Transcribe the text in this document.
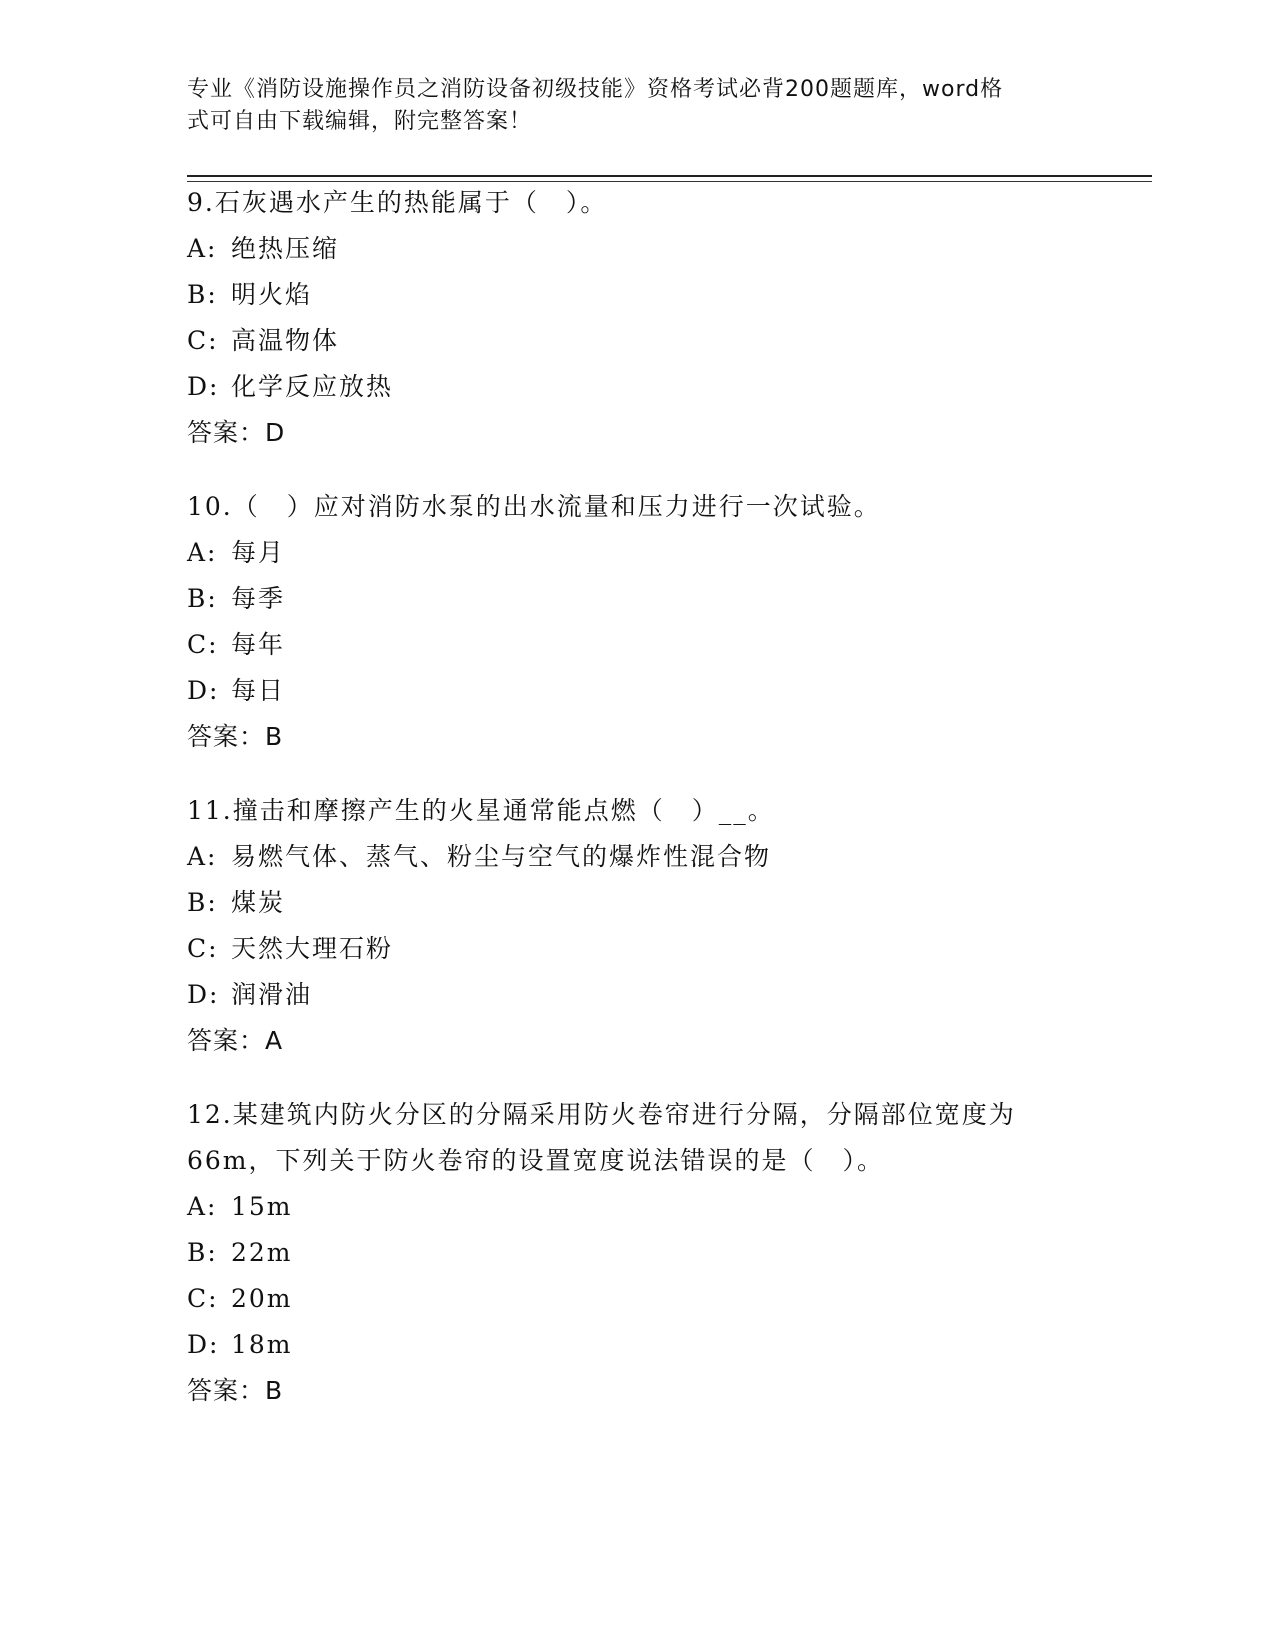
专业《消防设施操作员之消防设备初级技能》资格考试必背200题题库，word格
式可自由下载编辑，附完整答案！

9.石灰遇水产生的热能属于（　）。

A: 绝热压缩

B: 明火焰

C: 高温物体

D: 化学反应放热

答案：D

10.（　）应对消防水泵的出水流量和压力进行一次试验。

A: 每月

B: 每季

C: 每年

D: 每日

答案：B

11.撞击和摩擦产生的火星通常能点燃（　）__。

A: 易燃气体、蒸气、粉尘与空气的爆炸性混合物

B: 煤炭

C: 天然大理石粉

D: 润滑油

答案：A

12.某建筑内防火分区的分隔采用防火卷帘进行分隔，分隔部位宽度为

66m，下列关于防火卷帘的设置宽度说法错误的是（　）。

A: 15m

B: 22m

C: 20m

D: 18m

答案：B
